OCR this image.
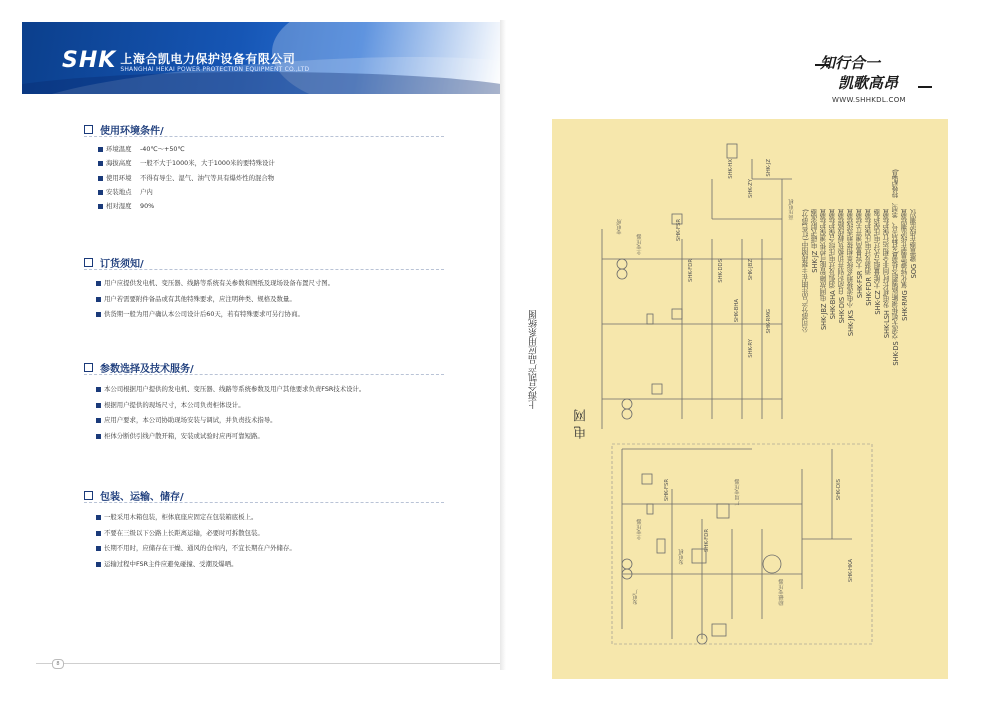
SHK 上海合凯电力保护设备有限公司
SHANGHAI HEKAI POWER PROTECTION EQUIPMENT CO.,LTD
使用环境条件/
环境温度	-40℃～+50℃
海拔高度	一般不大于1000米，大于1000米的要特殊设计
使用环境	不得有导尘、湿气、油气等具有爆炸性的混合物
安装地点	户内
相对湿度	90%
订货须知/
用户应提供发电机、变压器、线路等系统有关参数和图纸及现场设备布置尺寸图。
用户若需要附件备品或有其他特殊要求，应注明种类、规格及数量。
供货期一般为用户确认本公司设计后60天，若有特殊要求可另行协商。
参数选择及技术服务/
本公司根据用户提供的发电机、变压器、线路等系统参数及用户其他要求负责FSR技术设计。
根据用户提供的现场尺寸，本公司负责柜体设计。
应用户要求，本公司协助现场安装与调试，并负责技术指导。
柜体分断供引线户散开箱，安装或试验时应再可靠短路。
包装、运输、储存/
一般采用木箱包装，柜体底座应固定在包装箱底板上。
不要在三级以下公路上长距离运输，必要时可拆散包装。
长期不用时，应储存在干燥、通风的仓库内，不宜长期在户外储存。
运输过程中FSR主件应避免碰撞、受潮及爆晒。
8
知行合一
凯歌高昂
WWW.SHHKDL.COM
上海合凯产品应用系统图
电 网
变电所
主变压器
SHK-FSR
SHK-FDR	SHK-DDS
SHK-BHA
SHK-JBZ
SHK-RY
SHK-RMG
SHK-HX
SHK-ZY
SHK-JZ
高压电机
发电厂
主变压器
厂用变压器
励磁变压器
发电机
SHK-FSR
SHK-FDR
SHK-DIS
SHK-HKA
公司部分产品注明在主接线图中(红色部分) SHK-JZ 电磁式限流器 SHK-JBZ 电网故障智能可控快速保护装置 SHK-BHA 消弧及过电压综合保护装置 SHK-DIS 自动识别并切换负载线路装置 SHK-JKS 小电流接地系统单相接地选线装置 SHK-FSR 大容量高速开关装置 SHK-FDR 消谐及过电压保护装置 SHK-CZ 大能量组合式过电压保护器 SHK-LSH 发电机长时间非全相运行保护装置 SHK-DS 交流无弧快速断路器组合装置(各种型号、类型、特殊配置) SHK-RMG 氧化锌避雷器在线监测装置 SOG 避雷器在线监测仪
